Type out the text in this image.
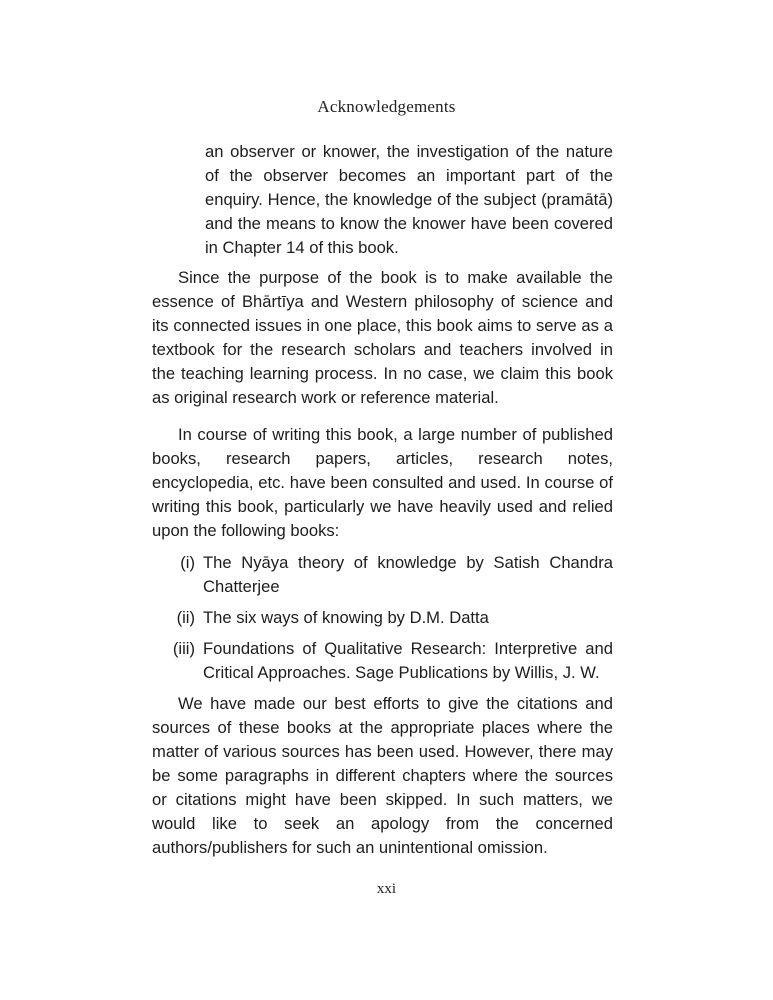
Acknowledgements

an observer or knower, the investigation of the nature of the observer becomes an important part of the enquiry. Hence, the knowledge of the subject (pramātā) and the means to know the knower have been covered in Chapter 14 of this book.

Since the purpose of the book is to make available the essence of Bhārtīya and Western philosophy of science and its connected issues in one place, this book aims to serve as a textbook for the research scholars and teachers involved in the teaching learning process. In no case, we claim this book as original research work or reference material.

In course of writing this book, a large number of published books, research papers, articles, research notes, encyclopedia, etc. have been consulted and used. In course of writing this book, particularly we have heavily used and relied upon the following books:

(i) The Nyāya theory of knowledge by Satish Chandra Chatterjee
(ii) The six ways of knowing by D.M. Datta
(iii) Foundations of Qualitative Research: Interpretive and Critical Approaches. Sage Publications by Willis, J. W.

We have made our best efforts to give the citations and sources of these books at the appropriate places where the matter of various sources has been used. However, there may be some paragraphs in different chapters where the sources or citations might have been skipped. In such matters, we would like to seek an apology from the concerned authors/publishers for such an unintentional omission.

xxi
